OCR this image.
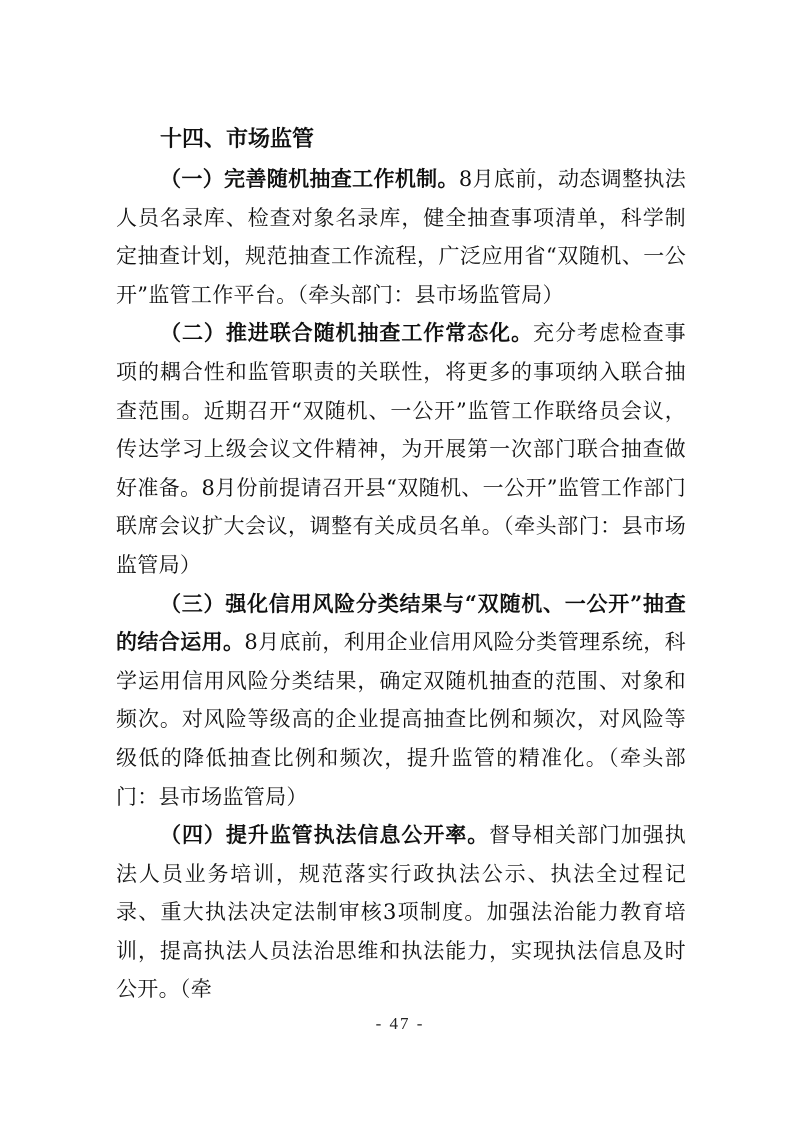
十四、市场监管

（一）完善随机抽查工作机制。8月底前，动态调整执法人员名录库、检查对象名录库，健全抽查事项清单，科学制定抽查计划，规范抽查工作流程，广泛应用省“双随机、一公开”监管工作平台。（牵头部门：县市场监管局）

（二）推进联合随机抽查工作常态化。充分考虑检查事项的耦合性和监管职责的关联性，将更多的事项纳入联合抽查范围。近期召开“双随机、一公开”监管工作联络员会议，传达学习上级会议文件精神，为开展第一次部门联合抽查做好准备。8月份前提请召开县“双随机、一公开”监管工作部门联席会议扩大会议，调整有关成员名单。（牵头部门：县市场监管局）

（三）强化信用风险分类结果与“双随机、一公开”抽查的结合运用。8月底前，利用企业信用风险分类管理系统，科学运用信用风险分类结果，确定双随机抽查的范围、对象和频次。对风险等级高的企业提高抽查比例和频次，对风险等级低的降低抽查比例和频次，提升监管的精准化。（牵头部门：县市场监管局）

（四）提升监管执法信息公开率。督导相关部门加强执法人员业务培训，规范落实行政执法公示、执法全过程记录、重大执法决定法制审核3项制度。加强法治能力教育培训，提高执法人员法治思维和执法能力，实现执法信息及时公开。（牵

- 47 -
